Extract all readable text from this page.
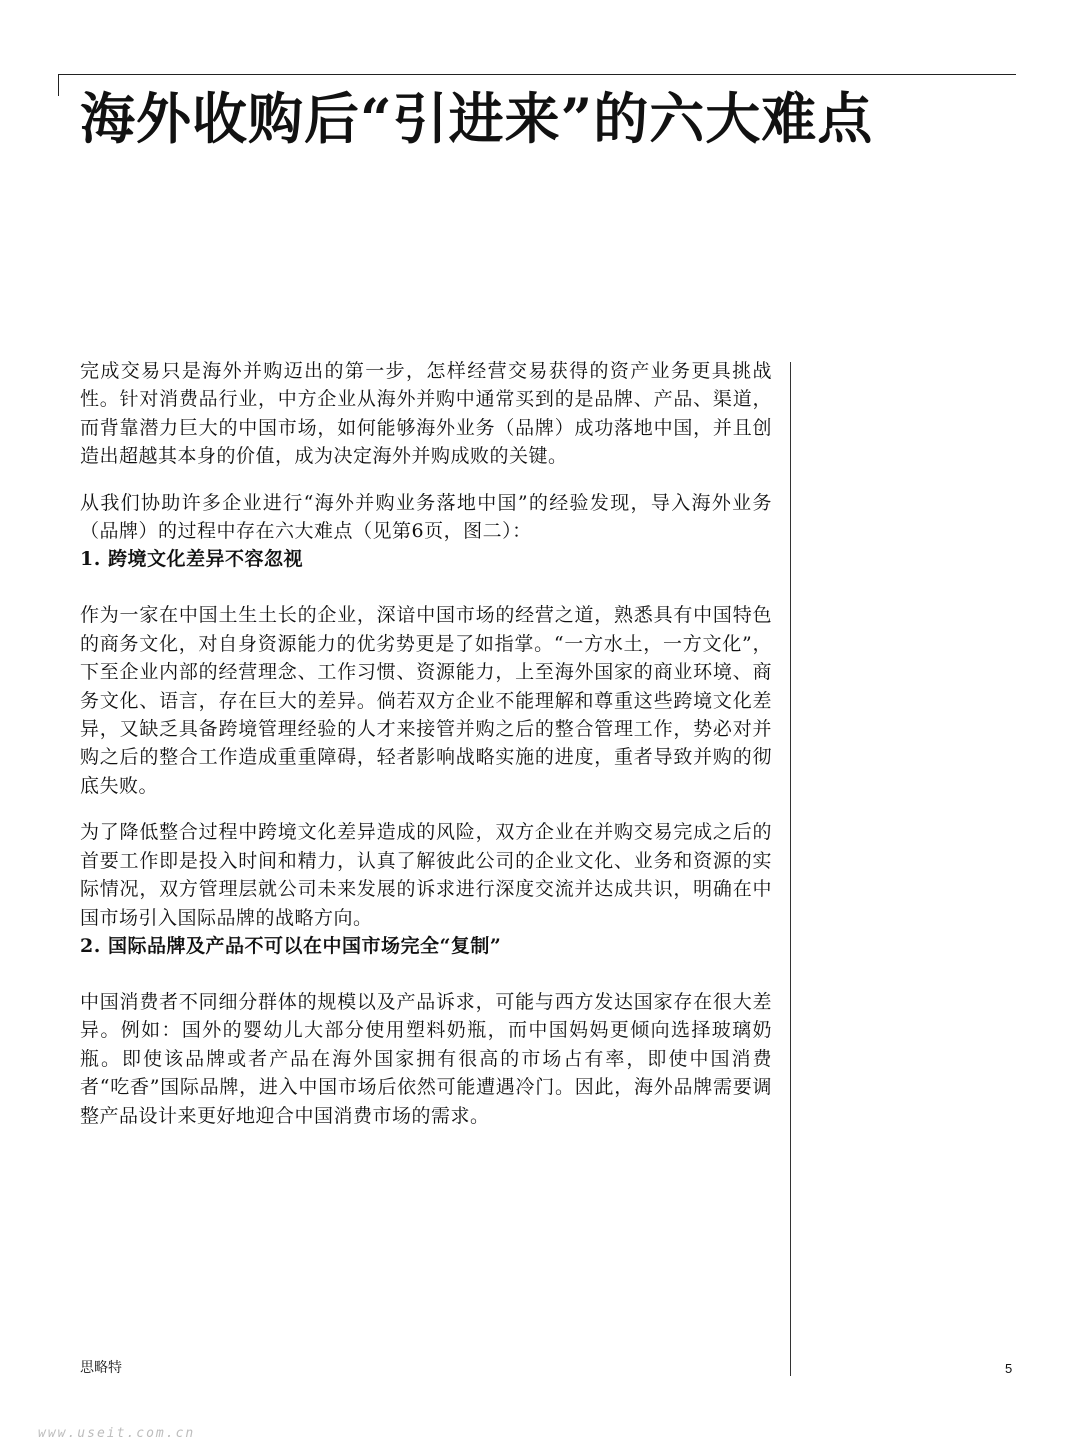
海外收购后“引进来”的六大难点

完成交易只是海外并购迈出的第一步，怎样经营交易获得的资产业务更具挑战性。针对消费品行业，中方企业从海外并购中通常买到的是品牌、产品、渠道，而背靠潜力巨大的中国市场，如何能够海外业务（品牌）成功落地中国，并且创造出超越其本身的价值，成为决定海外并购成败的关键。

从我们协助许多企业进行“海外并购业务落地中国”的经验发现，导入海外业务（品牌）的过程中存在六大难点（见第6页，图二）：

1. 跨境文化差异不容忽视

作为一家在中国土生土长的企业，深谙中国市场的经营之道，熟悉具有中国特色的商务文化，对自身资源能力的优劣势更是了如指掌。“一方水土，一方文化”，下至企业内部的经营理念、工作习惯、资源能力，上至海外国家的商业环境、商务文化、语言，存在巨大的差异。倘若双方企业不能理解和尊重这些跨境文化差异，又缺乏具备跨境管理经验的人才来接管并购之后的整合管理工作，势必对并购之后的整合工作造成重重障碍，轻者影响战略实施的进度，重者导致并购的彻底失败。

为了降低整合过程中跨境文化差异造成的风险，双方企业在并购交易完成之后的首要工作即是投入时间和精力，认真了解彼此公司的企业文化、业务和资源的实际情况，双方管理层就公司未来发展的诉求进行深度交流并达成共识，明确在中国市场引入国际品牌的战略方向。

2. 国际品牌及产品不可以在中国市场完全“复制”

中国消费者不同细分群体的规模以及产品诉求，可能与西方发达国家存在很大差异。例如：国外的婴幼儿大部分使用塑料奶瓶，而中国妈妈更倾向选择玻璃奶瓶。即使该品牌或者产品在海外国家拥有很高的市场占有率，即使中国消费者“吃香”国际品牌，进入中国市场后依然可能遭遇冷门。因此，海外品牌需要调整产品设计来更好地迎合中国消费市场的需求。

思略特	5
www.useit.com.cn
